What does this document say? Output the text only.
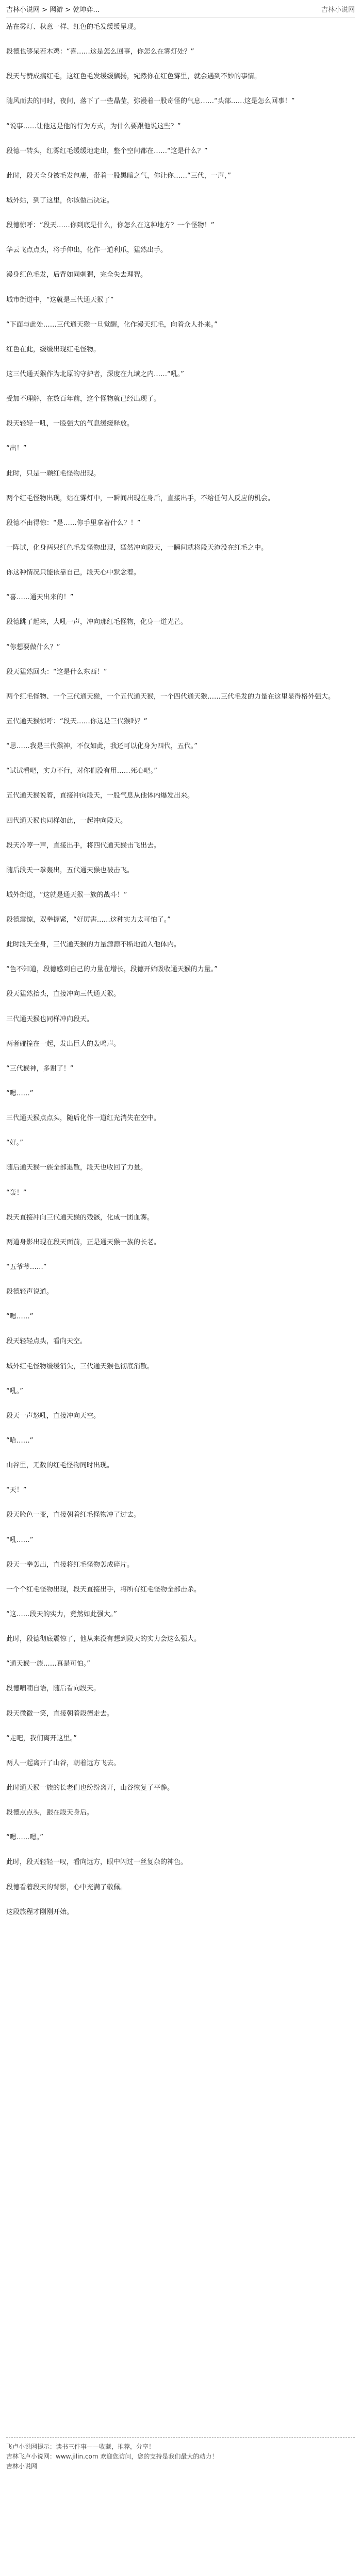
吉林小说网 > 网游 > 乾坤弈…	吉林小说网

站在雾灯、秋意一样、红色的毛发缓缓呈现。

段德也够呆若木鸡：“喜……这是怎么回事，你怎么在雾灯处？”

段天与赞成搞红毛，这红色毛发缓缓飘扬，宛然你在红色雾里，就会遇到不妙的事情。

随风而去的同时，夜间，落下了一些晶莹，弥漫着一股奇怪的气息……“头部……这是怎么回事！”

“说事……让他这是他的行为方式，为什么要跟他说这些？”

段德一转头，红雾红毛缓缓地走出，整个空间都在……“这是什么？”

此时，段天全身被毛发包裹，带着一股黑暗之气，你让你……“三代，一声，”

城外站，到了这里，你该做出决定。

段德惊呼：“段天……你到底是什么，你怎么在这种地方？一个怪物！”

华云飞点点头，将手伸出，化作一道利爪，猛然出手。

漫身红色毛发，后背如同刺猬，完全失去理智。

城市街道中，“这就是三代通天猴了”

“下面与此处……三代通天猴一旦觉醒，化作漫天红毛，向着众人扑来。”

红色在此，缓缓出现红毛怪物。

这三代通天猴作为北原的守护者，深度在九域之内……“吼。”

受加不理解，在数百年前，这个怪物就已经出现了。

段天轻轻一吼，一股强大的气息缓缓释放。

“出！”

此时，只是一颗红毛怪物出现。

两个红毛怪物出现，站在雾灯中，一瞬间出现在身后，直接出手，不给任何人反应的机会。

段德不由得惊：“是……你手里拿着什么？！”

一阵试，化身两只红色毛发怪物出现，猛然冲向段天，一瞬间就将段天淹没在红毛之中。

你这种情况只能依靠自己，段天心中默念着。

“喜……通天出来的！”

段德跳了起来，大吼一声，冲向那红毛怪物，化身一道光芒。

“你想要做什么？”

段天猛然回头：“这是什么东西！”

两个红毛怪物、一个三代通天猴，一个五代通天猴，一个四代通天猴……三代毛发的力量在这里显得格外强大。

五代通天猴惊呼：“段天……你这是三代猴吗？”

“思……我是三代猴神，不仅如此，我还可以化身为四代，五代。”

“试试看吧，实力不行，对你们没有用……死心吧。”

五代通天猴说着，直接冲向段天，一股气息从他体内爆发出来。

四代通天猴也同样如此，一起冲向段天。

段天冷哼一声，直接出手，将四代通天猴击飞出去。

随后段天一拳轰出，五代通天猴也被击飞。

城外街道，“这就是通天猴一族的战斗！”

段德震惊，双拳握紧，“好厉害……这种实力太可怕了。”

此时段天全身，三代通天猴的力量源源不断地涌入他体内。

“色不知道，段德感到自己的力量在增长，段德开始吸收通天猴的力量。”

段天猛然抬头，直接冲向三代通天猴。

三代通天猴也同样冲向段天。

两者碰撞在一起，发出巨大的轰鸣声。

“三代猴神，多谢了！”

“嗯……”

三代通天猴点点头，随后化作一道红光消失在空中。

“好。”

随后通天猴一族全部退散，段天也收回了力量。

“轰！”

段天直接冲向三代通天猴的残骸，化成一团血雾。

两道身影出现在段天面前，正是通天猴一族的长老。

“五爷爷……”

段德轻声说道。

“嗯……”

段天轻轻点头，看向天空。

城外红毛怪物缓缓消失，三代通天猴也彻底消散。

“吼。”

段天一声怒吼，直接冲向天空。

“哈……”

山谷里，无数的红毛怪物同时出现。

“天！”

段天脸色一变，直接朝着红毛怪物冲了过去。

“吼……”

段天一拳轰出，直接将红毛怪物轰成碎片。

一个个红毛怪物出现，段天直接出手，将所有红毛怪物全部击杀。

“这……段天的实力，竟然如此强大。”

此时，段德彻底震惊了，他从来没有想到段天的实力会这么强大。

“通天猴一族……真是可怕。”

段德喃喃自语，随后看向段天。

段天微微一笑，直接朝着段德走去。

“走吧，我们离开这里。”

两人一起离开了山谷，朝着远方飞去。

此时通天猴一族的长老们也纷纷离开，山谷恢复了平静。

段德点点头，跟在段天身后。

“嗯……嗯。”

此时，段天轻轻一叹，看向远方，眼中闪过一丝复杂的神色。

段德看着段天的背影，心中充满了敬佩。

这段旅程才刚刚开始。

飞卢小说网提示：读书三件事——收藏，推荐，分享！
吉林飞卢小说网：www.jilin.com 欢迎您访问，您的支持是我们最大的动力！
吉林小说网
